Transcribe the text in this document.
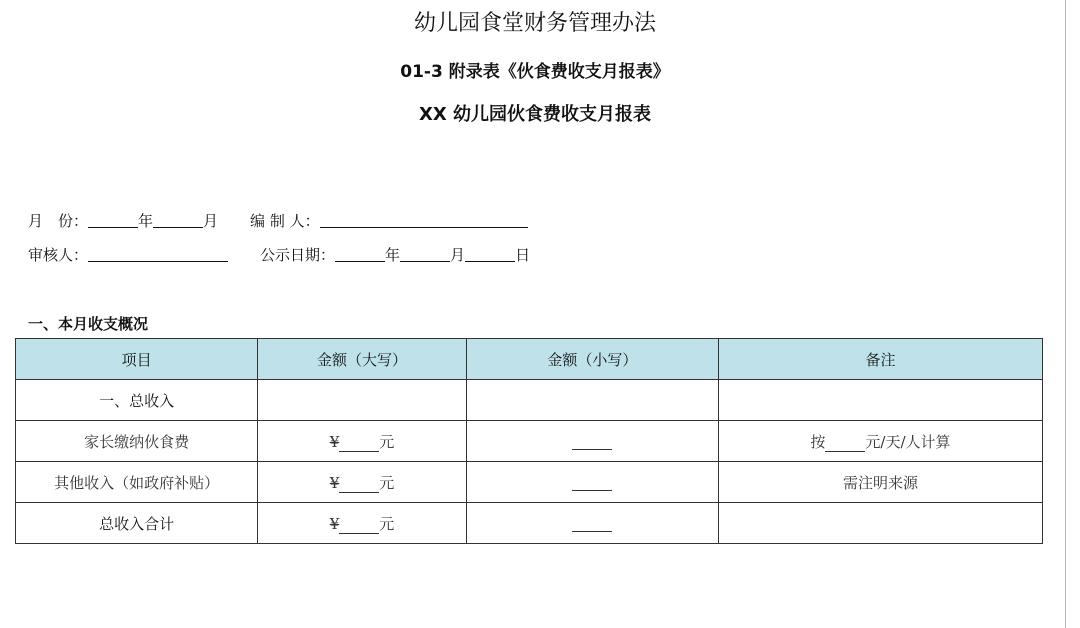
幼儿园食堂财务管理办法
01-3 附录表《伙食费收支月报表》
XX 幼儿园伙食费收支月报表
月　份：	年	月 编 制 人：
审核人：	公示日期：	年	月	日
一、本月收支概况
项目	金额（大写）	金额（小写）	备注
一、总收入			
家长缴纳伙食费	¥ 元		按 元/天/人计算
其他收入（如政府补贴）	¥ 元		需注明来源
总收入合计	¥ 元		
